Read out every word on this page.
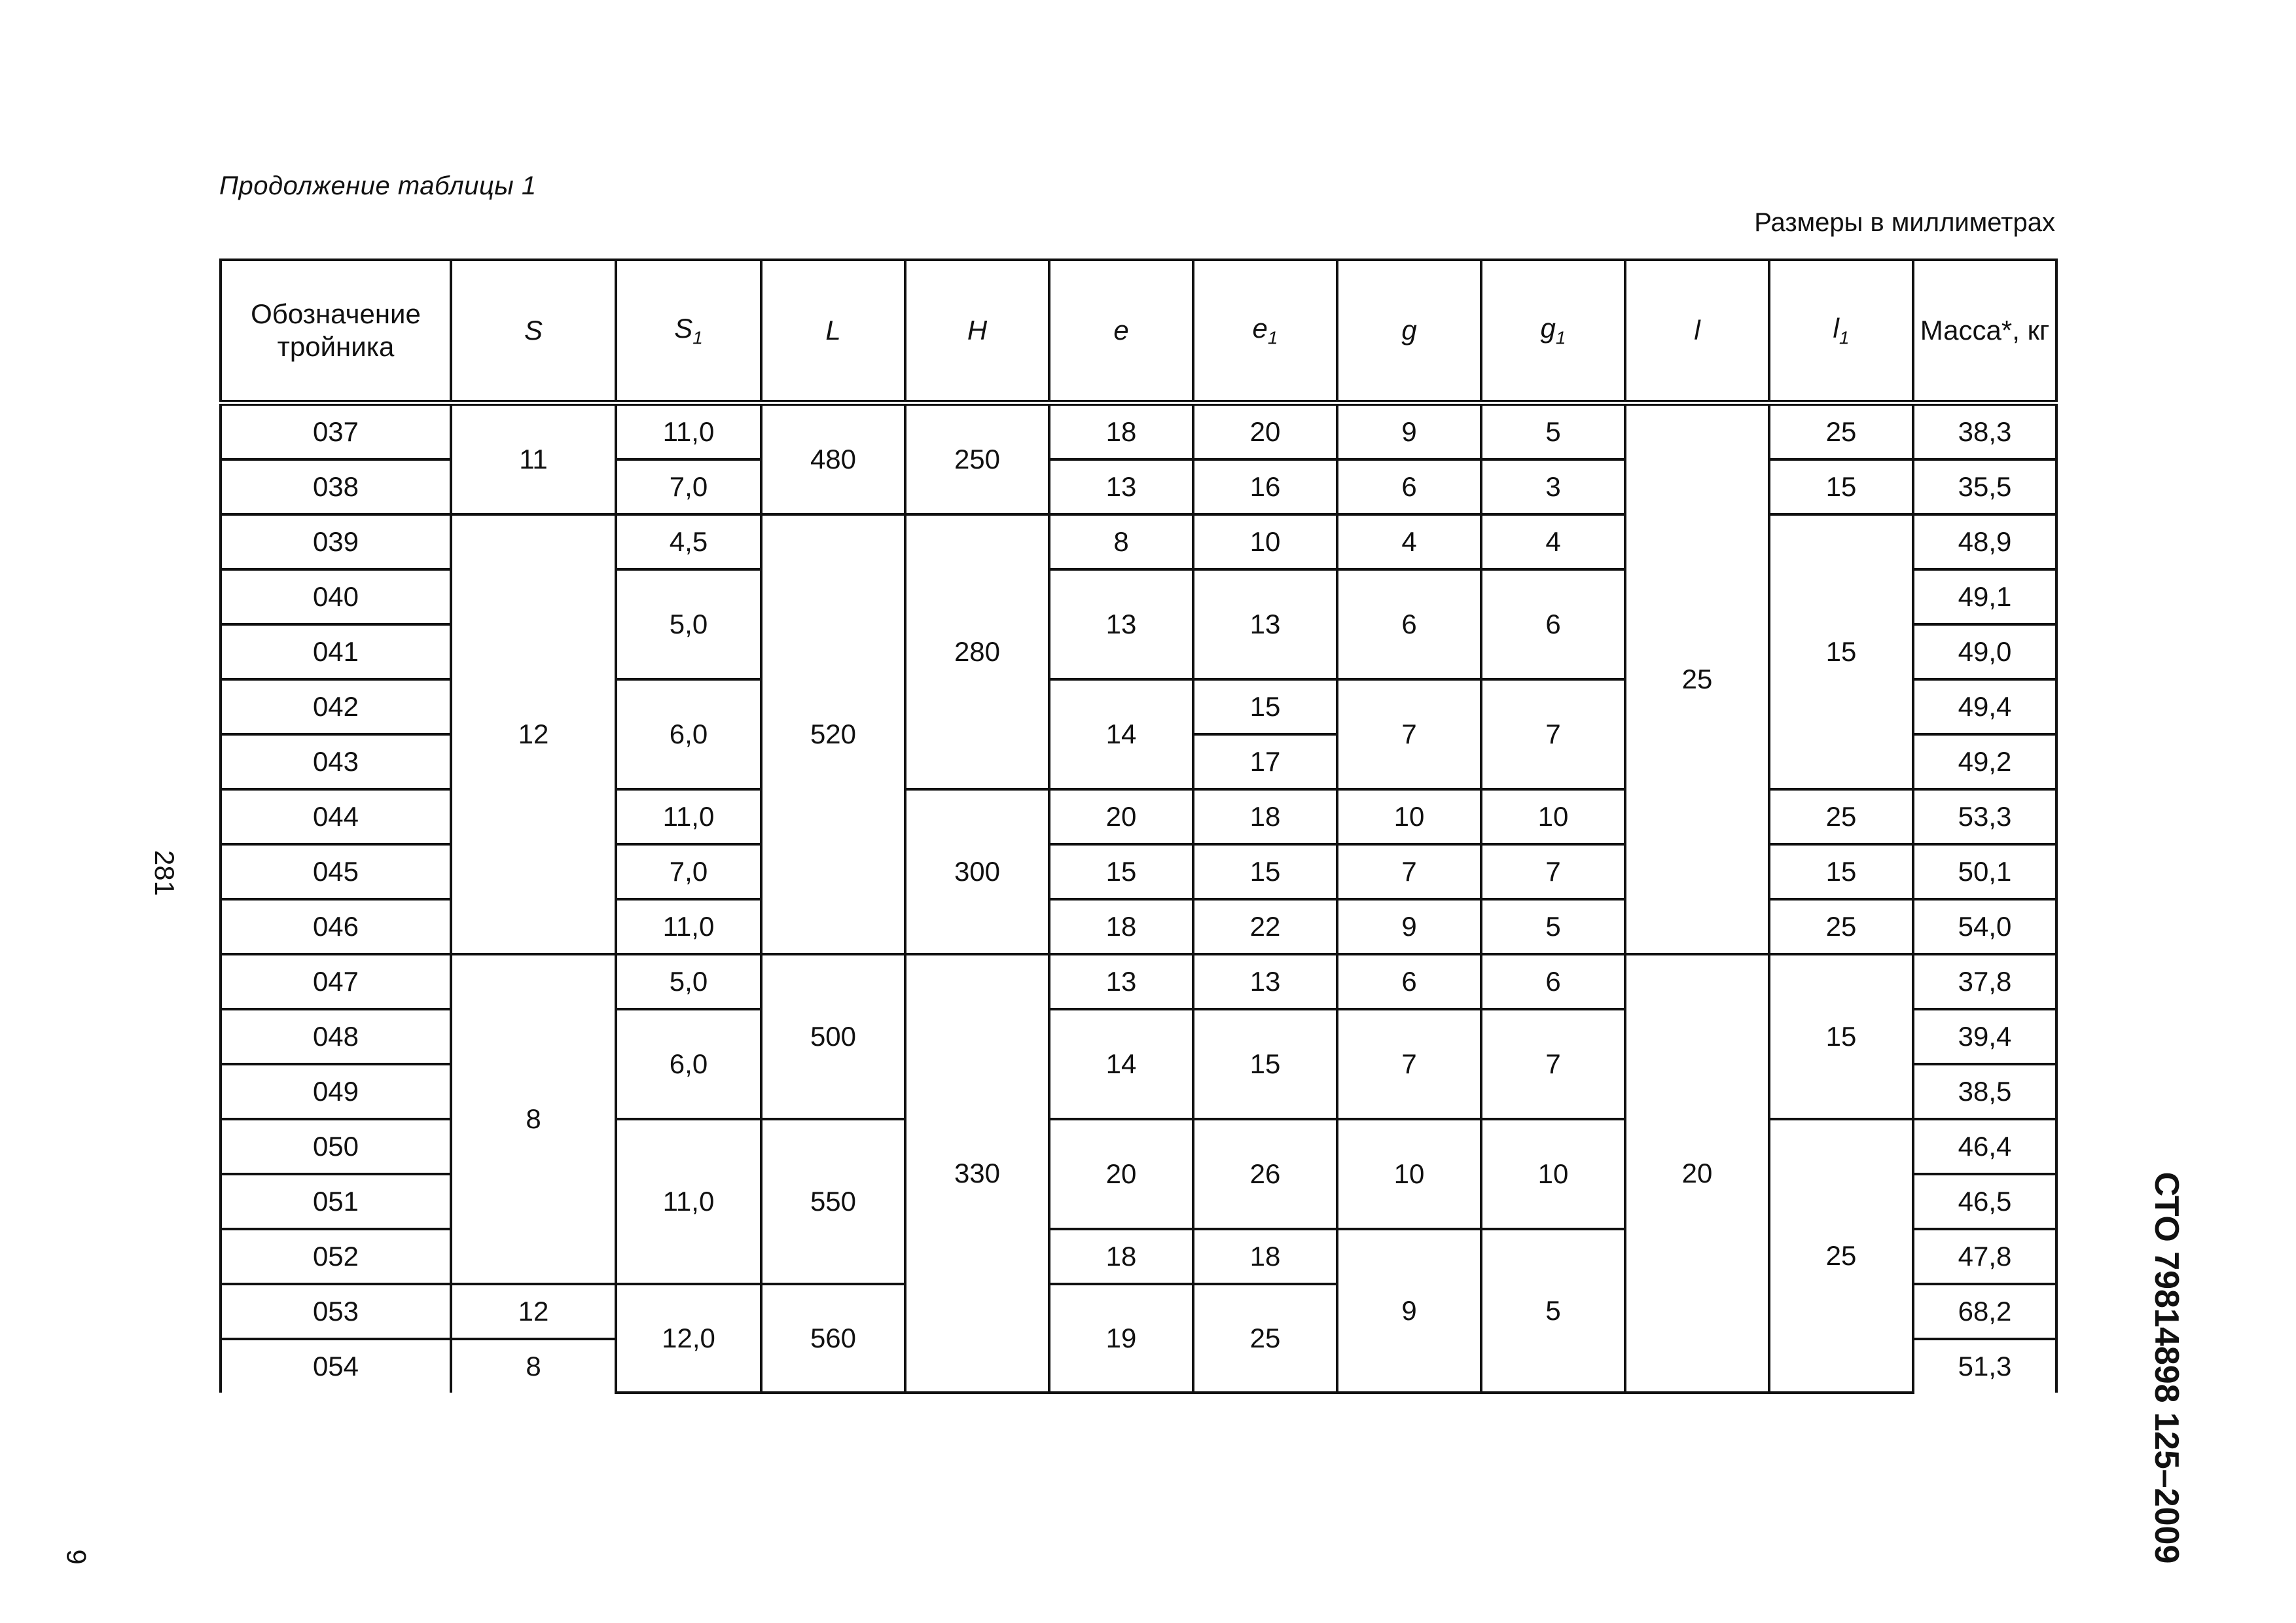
Продолжение таблицы 1
Размеры в миллиметрах
281
9	СТО 79814898 125–2009
Обозначение тройника	S	$S_1$	L	H	e	$e_1$	g	$g_1$	l	$l_1$	Масса*, кг
037	11	11,0	480	250	18	20	9	5	25	25	38,3
038		7,0			13	16	6	3		15	35,5
039	12	4,5	520	280	8	10	4	4		15	48,9
040		5,0			13	13	6	6			49,1
041											49,0
042		6,0			14	15	7	7			49,4
043						17					49,2
044		11,0		300	20	18	10	10		25	53,3
045		7,0			15	15	7	7		15	50,1
046		11,0			18	22	9	5		25	54,0
047	8	5,0	500	330	13	13	6	6	20	15	37,8
048		6,0			14	15	7	7			39,4
049											38,5
050		11,0	550		20	26	10	10		25	46,4
051											46,5
052					18	18	9	5			47,8
053	12	12,0	560		19	25					68,2
054	8										51,3
